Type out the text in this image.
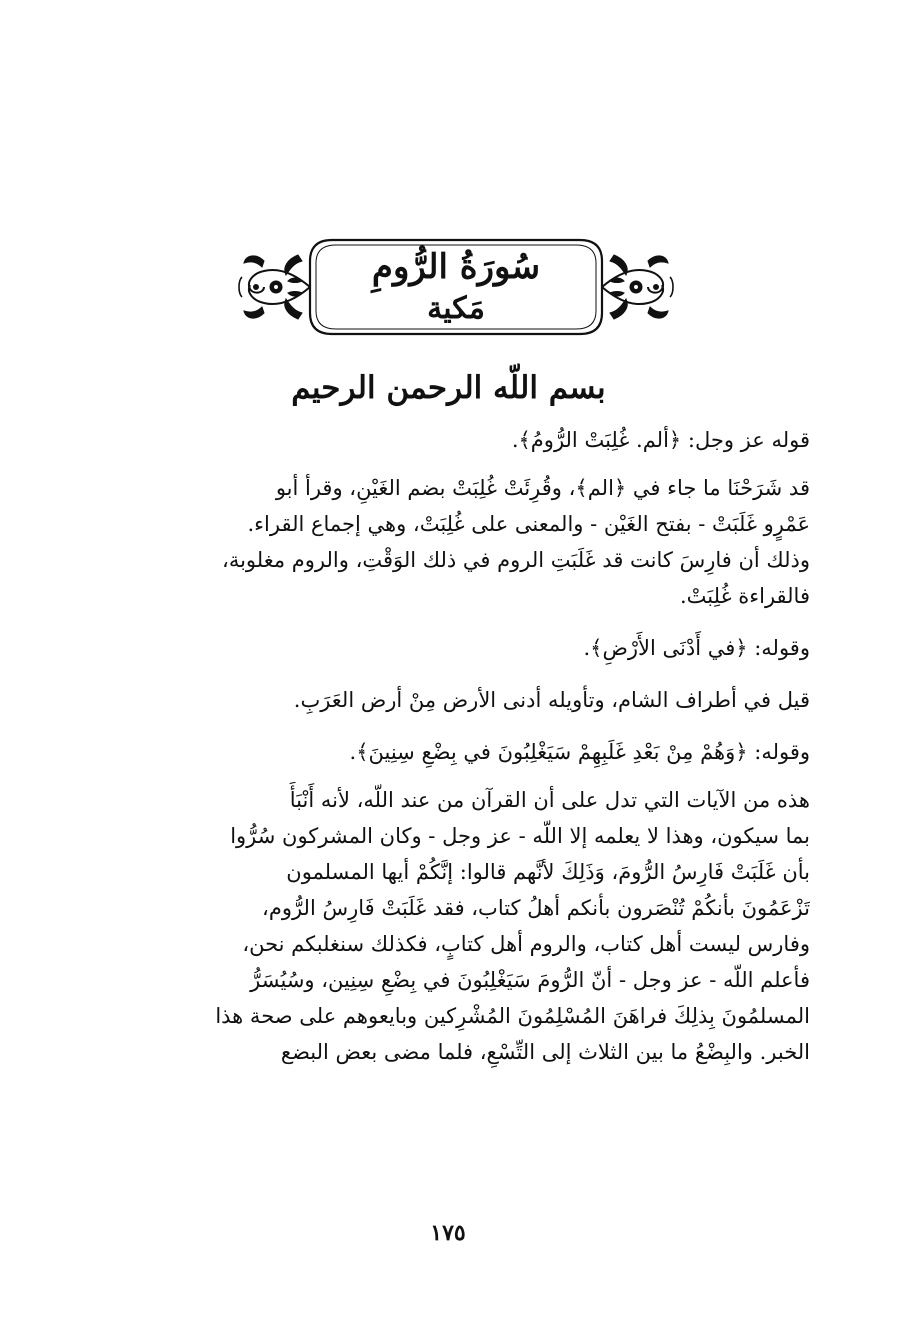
سُورَةُ الرُّومِ
مَكية
بسم اللّه الرحمن الرحيم
قوله عز وجل: ﴿ألم. غُلِبَتْ الرُّومُ﴾.
قد شَرَحْنَا ما جاء في ﴿الم﴾، وقُرِئَتْ غُلِبَتْ بضم الغَيْنِ، وقرأ أبو
عَمْرٍو غَلَبَتْ - بفتح الغَيْن - والمعنى على غُلِبَتْ، وهي إجماع القراء.
وذلك أن فارِسَ كانت قد غَلَبَتِ الروم في ذلك الوَقْتِ، والروم مغلوبة،
فالقراءة غُلِبَتْ.
وقوله: ﴿في أَدْنَى الأَرْضِ﴾.
قيل في أطراف الشام، وتأويله أدنى الأرض مِنْ أرض العَرَبِ.
وقوله: ﴿وَهُمْ مِنْ بَعْدِ غَلَبِهِمْ سَيَغْلِبُونَ في بِضْعِ سِنِينَ﴾.
هذه من الآيات التي تدل على أن القرآن من عند اللّه، لأنه أَنْبَأَ
بما سيكون، وهذا لا يعلمه إلا اللّه - عز وجل - وكان المشركون سُرُّوا
بأن غَلَبَتْ فَارِسُ الرُّومَ، وَذَلِكَ لأنَّهم قالوا: إنَّكُمْ أيها المسلمون
تَزْعَمُونَ بأنكُمْ تُنْصَرون بأنكم أهلُ كتاب، فقد غَلَبَتْ فَارِسُ الرُّوم،
وفارس ليست أهل كتاب، والروم أهل كتابٍ، فكذلك سنغلبكم نحن،
فأعلم اللّه - عز وجل - أنّ الرُّومَ سَيَغْلِبُونَ في بِضْعِ سِنِين، وسُيُسَرُّ
المسلمُونَ بِذلِكَ فراهَنَ المُسْلِمُونَ المُشْرِكين وبايعوهم على صحة هذا
الخبر. والبِضْعُ ما بين الثلاث إلى التِّسْعِ، فلما مضى بعض البضع
١٧٥
